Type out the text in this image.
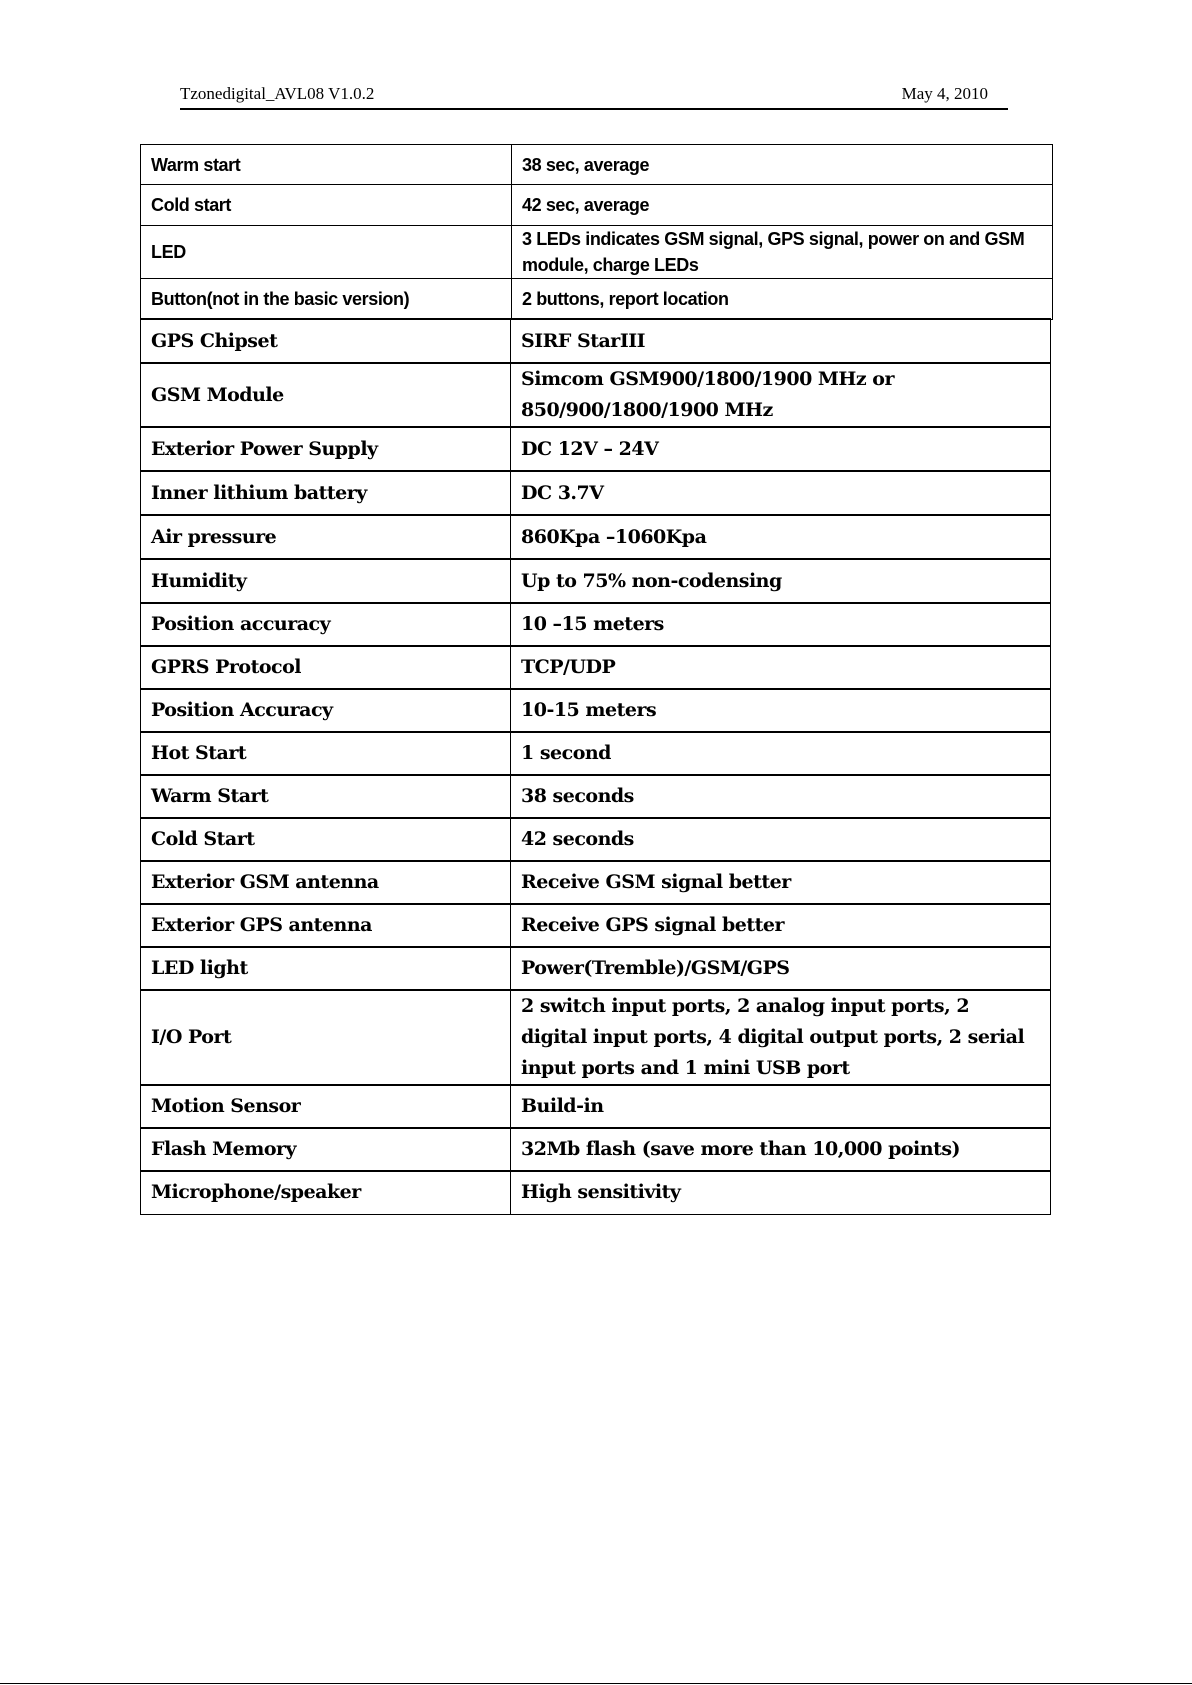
Tzonedigital_AVL08 V1.0.2	May 4, 2010
Warm start	38 sec, average
Cold start	42 sec, average
LED	3 LEDs indicates GSM signal, GPS signal, power on and GSM module, charge LEDs
Button(not in the basic version)	2 buttons, report location
GPS Chipset	SIRF StarIII
GSM Module	Simcom GSM900/1800/1900 MHz or 850/900/1800/1900 MHz
Exterior Power Supply	DC 12V – 24V
Inner lithium battery	DC 3.7V
Air pressure	860Kpa –1060Kpa
Humidity	Up to 75% non-codensing
Position accuracy	10 –15 meters
GPRS Protocol	TCP/UDP
Position Accuracy	10-15 meters
Hot Start	1 second
Warm Start	38 seconds
Cold Start	42 seconds
Exterior GSM antenna	Receive GSM signal better
Exterior GPS antenna	Receive GPS signal better
LED light	Power(Tremble)/GSM/GPS
I/O Port	2 switch input ports, 2 analog input ports, 2 digital input ports, 4 digital output ports, 2 serial input ports and 1 mini USB port
Motion Sensor	Build-in
Flash Memory	32Mb flash (save more than 10,000 points)
Microphone/speaker	High sensitivity
